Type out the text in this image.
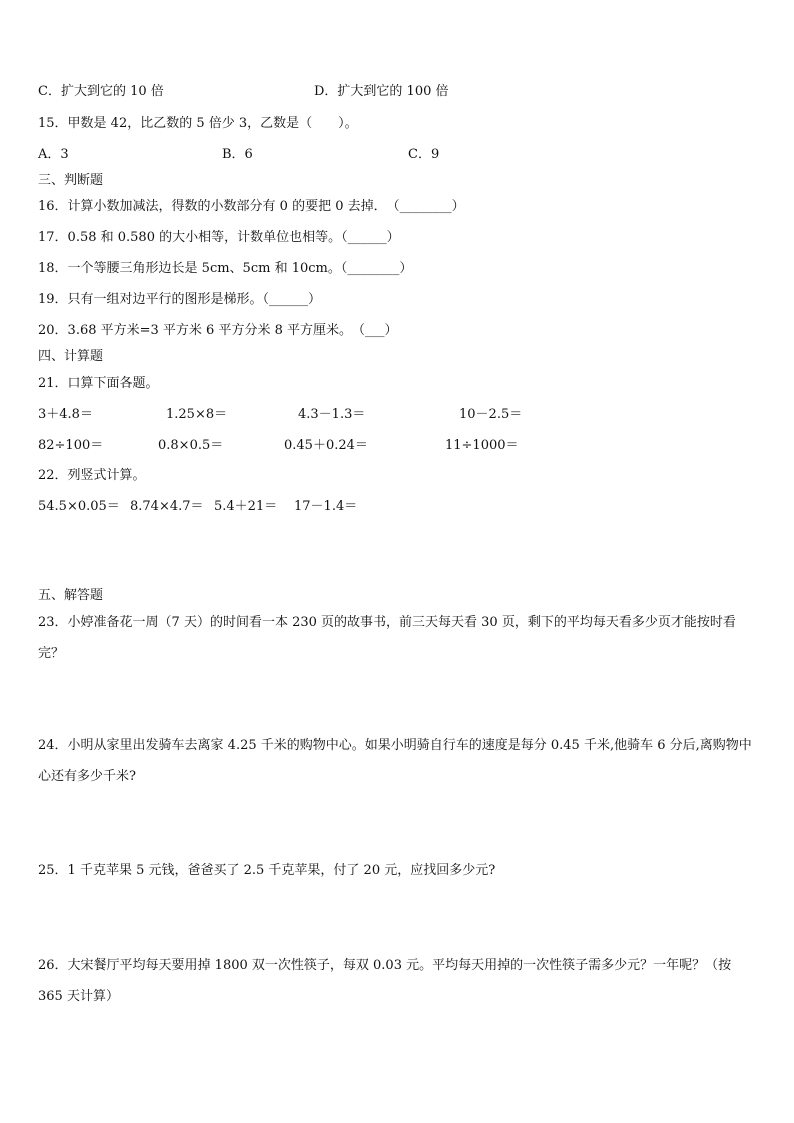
C．扩大到它的 10 倍	D．扩大到它的 100 倍
15．甲数是 42，比乙数的 5 倍少 3，乙数是（　　）。
A．3	B．6	C．9
三、判断题
16．计算小数加减法，得数的小数部分有 0 的要把 0 去掉．　（________）
17．0.58 和 0.580 的大小相等，计数单位也相等。（______）
18．一个等腰三角形边长是 5cm、5cm 和 10cm。（________）
19．只有一组对边平行的图形是梯形。（______）
20．3.68 平方米=3 平方米 6 平方分米 8 平方厘米。　（___）
四、计算题
21．口算下面各题。
3＋4.8＝	1.25×8＝	4.3－1.3＝	10－2.5＝
82÷100＝	0.8×0.5＝	0.45＋0.24＝	11÷1000＝
22．列竖式计算。
54.5×0.05＝ 8.74×4.7＝ 5.4＋21＝ 17－1.4＝
五、解答题
23．小婷准备花一周（7 天）的时间看一本 230 页的故事书，前三天每天看 30 页，剩下的平均每天看多少页才能按时看完？
24．小明从家里出发骑车去离家 4.25 千米的购物中心。如果小明骑自行车的速度是每分 0.45 千米,他骑车 6 分后,离购物中心还有多少千米?
25．1 千克苹果 5 元钱，爸爸买了 2.5 千克苹果，付了 20 元，应找回多少元?
26．大宋餐厅平均每天要用掉 1800 双一次性筷子，每双 0.03 元。平均每天用掉的一次性筷子需多少元？一年呢？（按 365 天计算）
